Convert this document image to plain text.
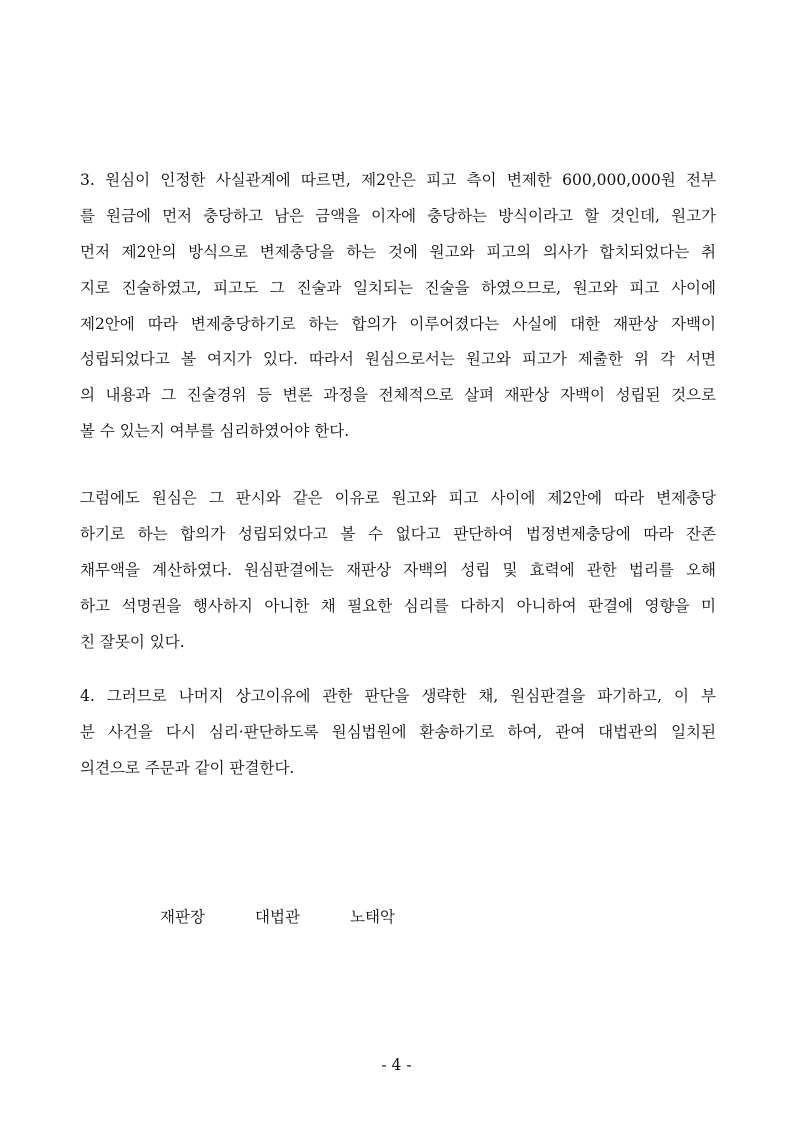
3. 원심이 인정한 사실관계에 따르면, 제2안은 피고 측이 변제한 600,000,000원 전부
를 원금에 먼저 충당하고 남은 금액을 이자에 충당하는 방식이라고 할 것인데, 원고가
먼저 제2안의 방식으로 변제충당을 하는 것에 원고와 피고의 의사가 합치되었다는 취
지로 진술하였고, 피고도 그 진술과 일치되는 진술을 하였으므로, 원고와 피고 사이에
제2안에 따라 변제충당하기로 하는 합의가 이루어졌다는 사실에 대한 재판상 자백이
성립되었다고 볼 여지가 있다. 따라서 원심으로서는 원고와 피고가 제출한 위 각 서면
의 내용과 그 진술경위 등 변론 과정을 전체적으로 살펴 재판상 자백이 성립된 것으로
볼 수 있는지 여부를 심리하였어야 한다.
그럼에도 원심은 그 판시와 같은 이유로 원고와 피고 사이에 제2안에 따라 변제충당
하기로 하는 합의가 성립되었다고 볼 수 없다고 판단하여 법정변제충당에 따라 잔존
채무액을 계산하였다. 원심판결에는 재판상 자백의 성립 및 효력에 관한 법리를 오해
하고 석명권을 행사하지 아니한 채 필요한 심리를 다하지 아니하여 판결에 영향을 미
친 잘못이 있다.
4. 그러므로 나머지 상고이유에 관한 판단을 생략한 채, 원심판결을 파기하고, 이 부
분 사건을 다시 심리·판단하도록 원심법원에 환송하기로 하여, 관여 대법관의 일치된
의견으로 주문과 같이 판결한다.
재판장	대법관	노태악
- 4 -
